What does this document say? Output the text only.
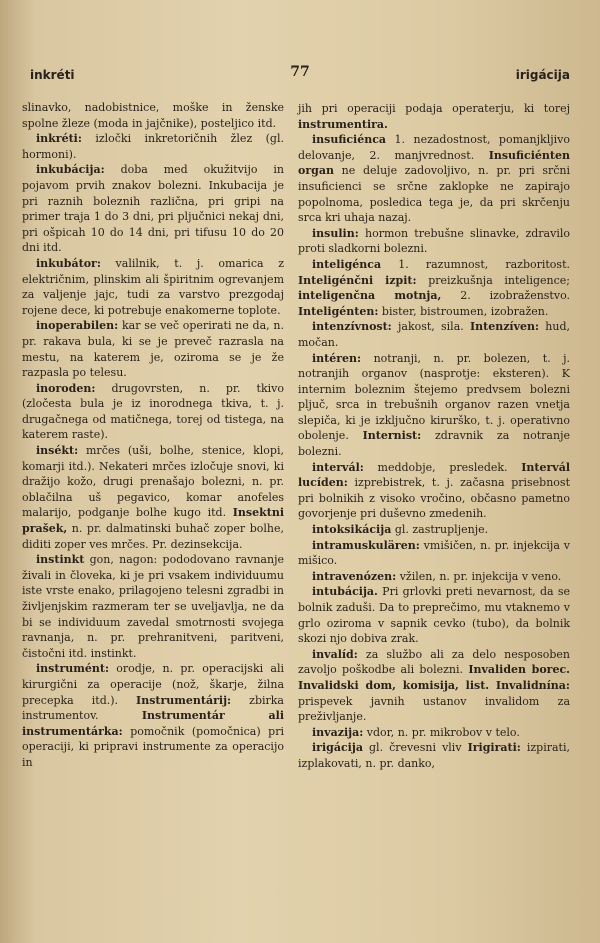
inkréti	77	irigácija

slinavko, nadobistnice, moške in ženske spolne žleze (moda in jajčnike), posteljico itd.

inkréti: izločki inkretoričnih žlez (gl. hormoni).

inkubácija: doba med okužitvijo in pojavom prvih znakov bolezni. Inkubacija je pri raznih boleznih različna, pri gripi na primer traja 1 do 3 dni, pri pljučnici nekaj dni, pri ošpicah 10 do 14 dni, pri tifusu 10 do 20 dni itd.

inkubátor: valilnik, t. j. omarica z električnim, plinskim ali špiritnim ogrevanjem za valjenje jajc, tudi za varstvo prezgodaj rojene dece, ki potrebuje enakomerne toplote.

inoperabilen: kar se več operirati ne da, n. pr. rakava bula, ki se je preveč razrasla na mestu, na katerem je, oziroma se je že razpasla po telesu.

inoroden: drugovrsten, n. pr. tkivo (zločesta bula je iz inorodnega tkiva, t. j. drugačnega od matičnega, torej od tistega, na katerem raste).

insékt: mrčes (uši, bolhe, stenice, klopi, komarji itd.). Nekateri mrčes izločuje snovi, ki dražijo kožo, drugi prenašajo bolezni, n. pr. oblačilna uš pegavico, komar anofeles malarijo, podganje bolhe kugo itd. Insektni prašek, n. pr. dalmatinski buhač zoper bolhe, diditi zoper ves mrčes. Pr. dezinsekcija.

instinkt gon, nagon: pododovano ravnanje živali in človeka, ki je pri vsakem individuumu iste vrste enako, prilagojeno telesni zgradbi in življenjskim razmeram ter se uveljavlja, ne da bi se individuum zavedal smotrnosti svojega ravnanja, n. pr. prehranitveni, paritveni, čistočni itd. instinkt.

instrumént: orodje, n. pr. operacijski ali kirurgični za operacije (nož, škarje, žilna precepka itd.). Instrumentárij: zbirka instrumentov. Instrumentár ali instrumentárka: pomočnik (pomočnica) pri operaciji, ki pripravi instrumente za operacijo in

jih pri operaciji podaja operaterju, ki torej instrumentira.

insuficiénca 1. nezadostnost, pomanjkljivo delovanje, 2. manjvrednost. Insuficiénten organ ne deluje zadovoljivo, n. pr. pri srčni insuficienci se srčne zaklopke ne zapirajo popolnoma, posledica tega je, da pri skrčenju srca kri uhaja nazaj.

insulin: hormon trebušne slinavke, zdravilo proti sladkorni bolezni.

inteligénca 1. razumnost, razboritost. Inteligénčni izpit: preizkušnja inteligence; inteligenčna motnja, 2. izobraženstvo. Inteligénten: bister, bistroumen, izobražen.

intenzívnost: jakost, sila. Intenzíven: hud, močan.

intéren: notranji, n. pr. bolezen, t. j. notranjih organov (nasprotje: eksteren). K internim boleznim štejemo predvsem bolezni pljuč, srca in trebušnih organov razen vnetja slepiča, ki je izključno kirurško, t. j. operativno obolenje. Internist: zdravnik za notranje bolezni.

intervál: meddobje, presledek. Intervál lucíden: izprebistrek, t. j. začasna prisebnost pri bolnikih z visoko vročino, občasno pametno govorjenje pri duševno zmedenih.

intoksikácija gl. zastrupljenje.

intramuskulären: vmišičen, n. pr. injekcija v mišico.

intravenózen: vžilen, n. pr. injekcija v veno.

intubácija. Pri grlovki preti nevarnost, da se bolnik zaduši. Da to preprečimo, mu vtaknemo v grlo oziroma v sapnik cevko (tubo), da bolnik skozi njo dobiva zrak.

invalíd: za službo ali za delo nesposoben zavoljo poškodbe ali bolezni. Invaliden borec. Invalidski dom, komisija, list. Invalidnína: prispevek javnih ustanov invalidom za preživljanje.

invazija: vdor, n. pr. mikrobov v telo.

irigácija gl. črevesni vliv Irigirati: izpirati, izplakovati, n. pr. danko,
